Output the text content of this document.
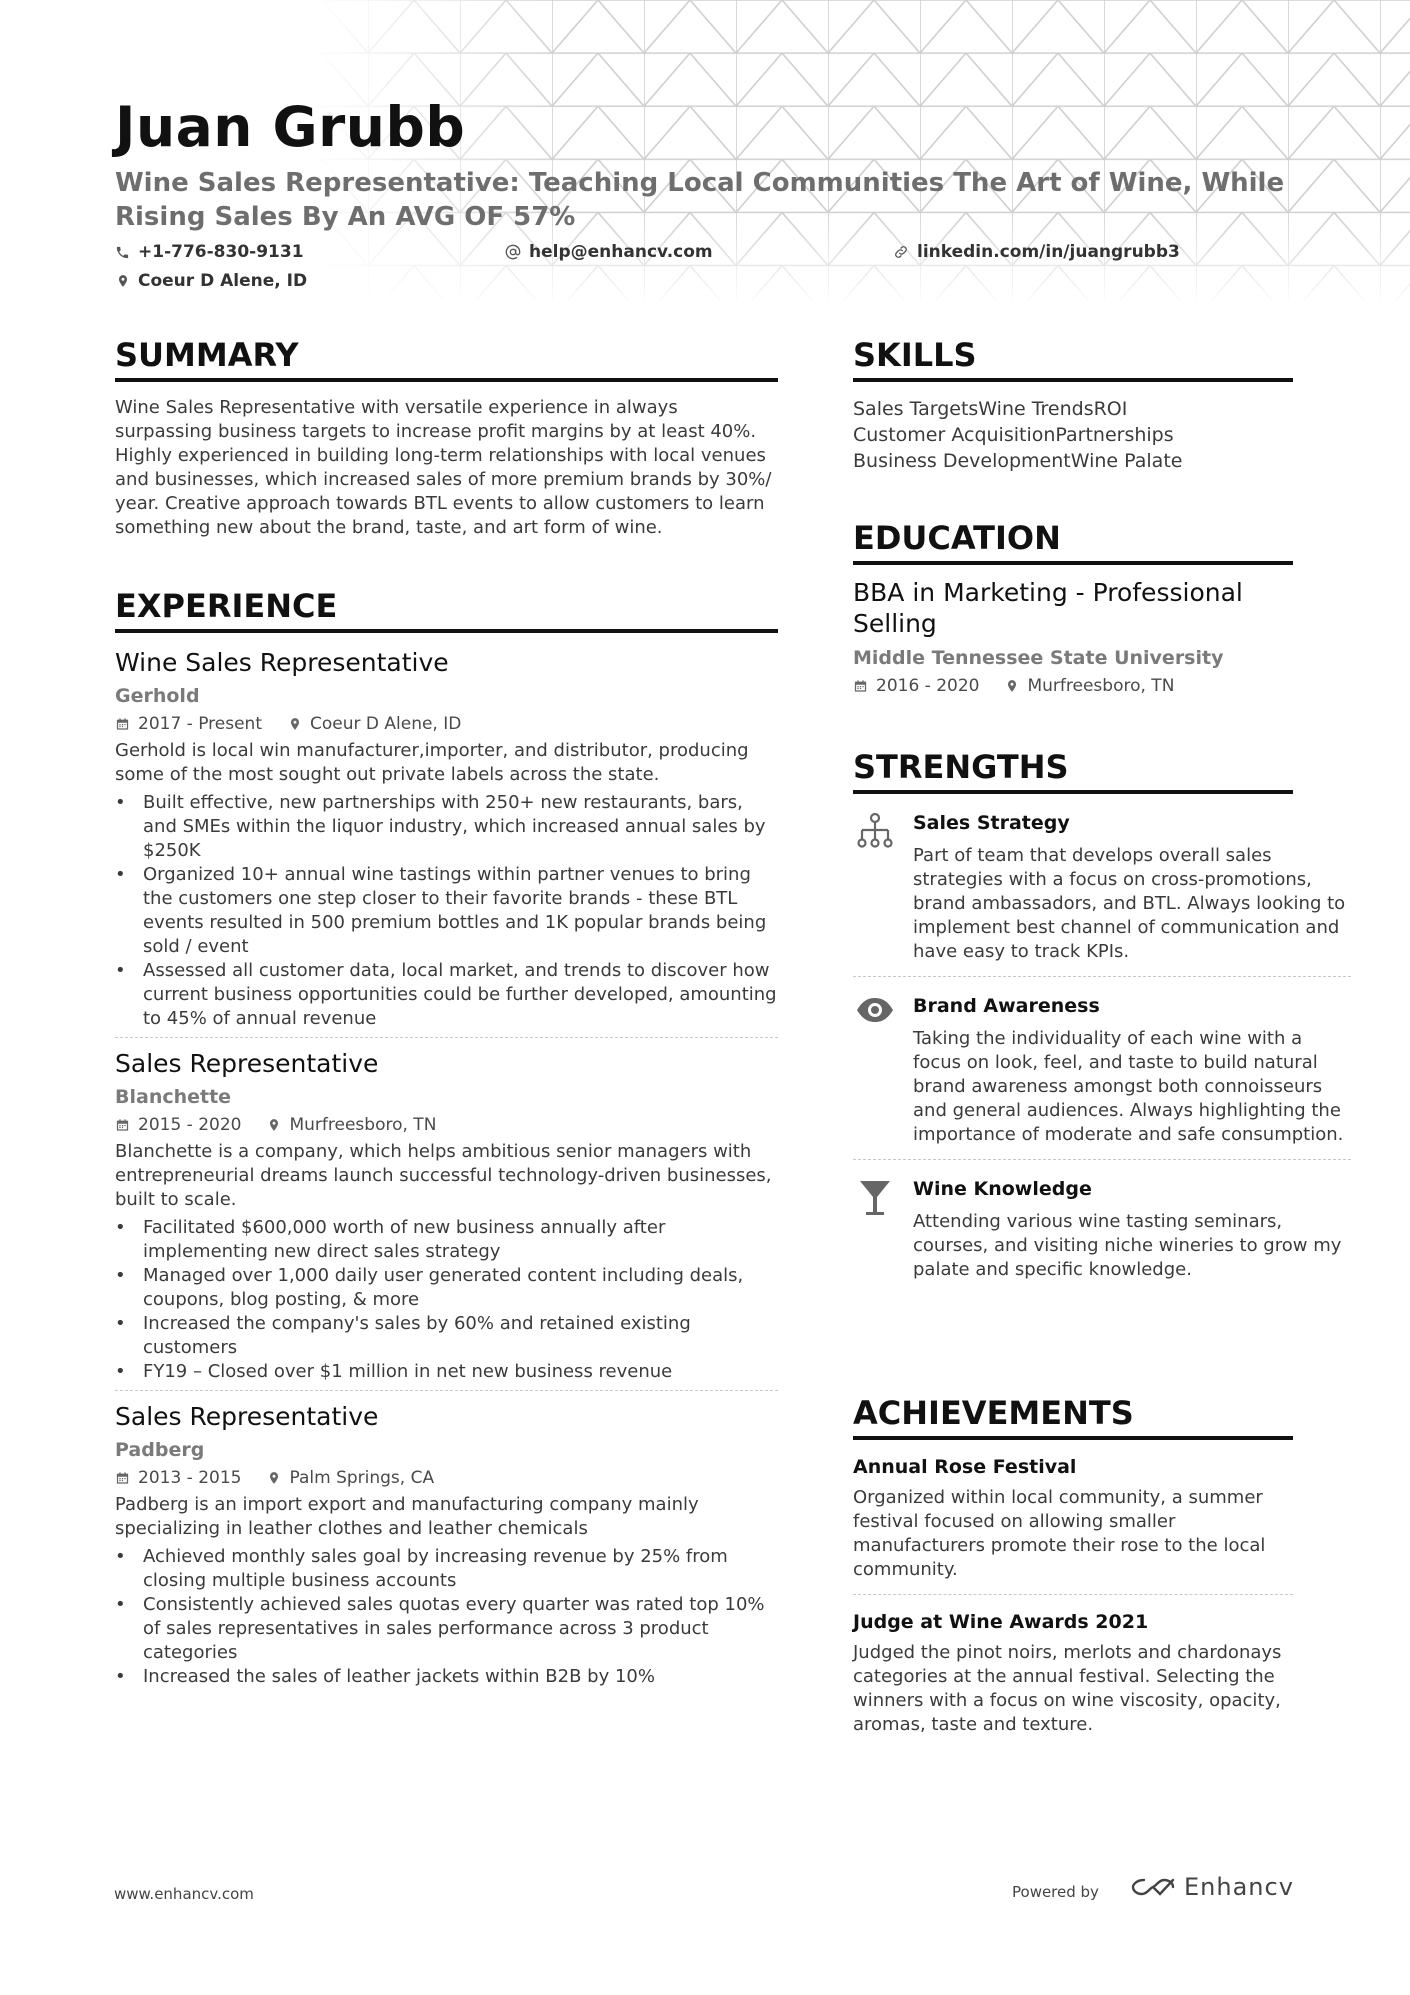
Juan Grubb

Wine Sales Representative: Teaching Local Communities The Art of Wine, While Rising Sales By An AVG OF 57%

+1-776-830-9131	help@enhancv.com	linkedin.com/in/juangrubb3
Coeur D Alene, ID
SUMMARY

Wine Sales Representative with versatile experience in always surpassing business targets to increase profit margins by at least 40%. Highly experienced in building long-term relationships with local venues and businesses, which increased sales of more premium brands by 30%/ year. Creative approach towards BTL events to allow customers to learn something new about the brand, taste, and art form of wine.

EXPERIENCE

Wine Sales Representative

Gerhold

2017 - Present	Coeur D Alene, ID

Gerhold is local win manufacturer,importer, and distributor, producing some of the most sought out private labels across the state.

• Built effective, new partnerships with 250+ new restaurants, bars, and SMEs within the liquor industry, which increased annual sales by $250K
• Organized 10+ annual wine tastings within partner venues to bring the customers one step closer to their favorite brands - these BTL events resulted in 500 premium bottles and 1K popular brands being sold / event
• Assessed all customer data, local market, and trends to discover how current business opportunities could be further developed, amounting to 45% of annual revenue

Sales Representative

Blanchette

2015 - 2020	Murfreesboro, TN

Blanchette is a company, which helps ambitious senior managers with entrepreneurial dreams launch successful technology-driven businesses, built to scale.

• Facilitated $600,000 worth of new business annually after implementing new direct sales strategy
• Managed over 1,000 daily user generated content including deals, coupons, blog posting, & more
• Increased the company's sales by 60% and retained existing customers
• FY19 – Closed over $1 million in net new business revenue

Sales Representative

Padberg

2013 - 2015	Palm Springs, CA

Padberg is an import export and manufacturing company mainly specializing in leather clothes and leather chemicals

• Achieved monthly sales goal by increasing revenue by 25% from closing multiple business accounts
• Consistently achieved sales quotas every quarter was rated top 10% of sales representatives in sales performance across 3 product categories
• Increased the sales of leather jackets within B2B by 10%
SKILLS
Sales TargetsWine TrendsROI
Customer AcquisitionPartnerships
Business DevelopmentWine Palate
EDUCATION

BBA in Marketing - Professional Selling

Middle Tennessee State University

2016 - 2020	Murfreesboro, TN
STRENGTHS
Sales Strategy

Part of team that develops overall sales strategies with a focus on cross-promotions, brand ambassadors, and BTL. Always looking to implement best channel of communication and have easy to track KPIs.

Brand Awareness

Taking the individuality of each wine with a focus on look, feel, and taste to build natural brand awareness amongst both connoisseurs and general audiences. Always highlighting the importance of moderate and safe consumption.

Wine Knowledge

Attending various wine tasting seminars, courses, and visiting niche wineries to grow my palate and specific knowledge.

ACHIEVEMENTS
Annual Rose Festival

Organized within local community, a summer festival focused on allowing smaller manufacturers promote their rose to the local community.

Judge at Wine Awards 2021

Judged the pinot noirs, merlots and chardonays categories at the annual festival. Selecting the winners with a focus on wine viscosity, opacity, aromas, taste and texture.

www.enhancv.com	Powered by	Enhancv
